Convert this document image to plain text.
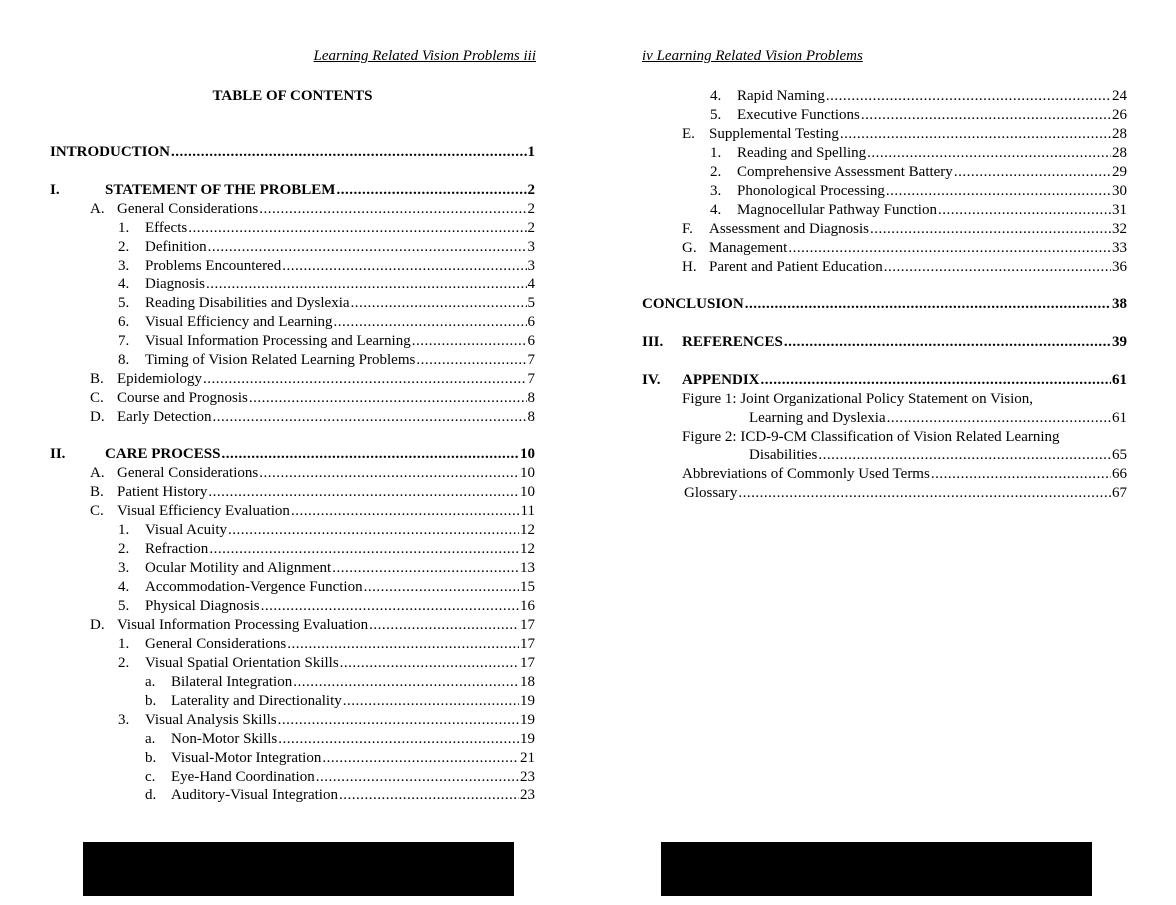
Learning Related Vision Problems iii	iv Learning Related Vision Problems
TABLE OF CONTENTS
INTRODUCTION .....	1
I.	STATEMENT OF THE PROBLEM .....	2
A. General Considerations .....	2
1.	Effects .....	2
2.	Definition .....	3
3.	Problems Encountered .....	3
4.	Diagnosis .....	4
5.	Reading Disabilities and Dyslexia .....	5
6.	Visual Efficiency and Learning .....	6
7.	Visual Information Processing and Learning .....	6
8.	Timing of Vision Related Learning Problems .....	7
B. Epidemiology .....	7
C. Course and Prognosis .....	8
D. Early Detection .....	8
II.	CARE PROCESS .....	10
A. General Considerations .....	10
B. Patient History .....	10
C. Visual Efficiency Evaluation .....	11
1.	Visual Acuity .....	12
2.	Refraction .....	12
3.	Ocular Motility and Alignment .....	13
4.	Accommodation-Vergence Function .....	15
5.	Physical Diagnosis .....	16
D. Visual Information Processing Evaluation .....	17
1.	General Considerations .....	17
2.	Visual Spatial Orientation Skills .....	17
a.	Bilateral Integration .....	18
b. Laterality and Directionality .....	19
3.	Visual Analysis Skills .....	19
a.	Non-Motor Skills .....	19
b. Visual-Motor Integration .....	21
c.	Eye-Hand Coordination .....	23
d. Auditory-Visual Integration .....	23
4.	Rapid Naming .....	24
5.	Executive Functions .....	26
E. Supplemental Testing .....	28
1.	Reading and Spelling .....	28
2.	Comprehensive Assessment Battery .....	29
3.	Phonological Processing .....	30
4.	Magnocellular Pathway Function .....	31
F.	Assessment and Diagnosis .....	32
G. Management .....	33
H. Parent and Patient Education .....	36
CONCLUSION .....	38
III.	REFERENCES .....	39
IV.	APPENDIX .....	61
Figure 1: Joint Organizational Policy Statement on Vision,
Learning and Dyslexia .....	61
Figure 2: ICD-9-CM Classification of Vision Related Learning
Disabilities .....	65
Abbreviations of Commonly Used Terms .....	66
Glossary .....	67
